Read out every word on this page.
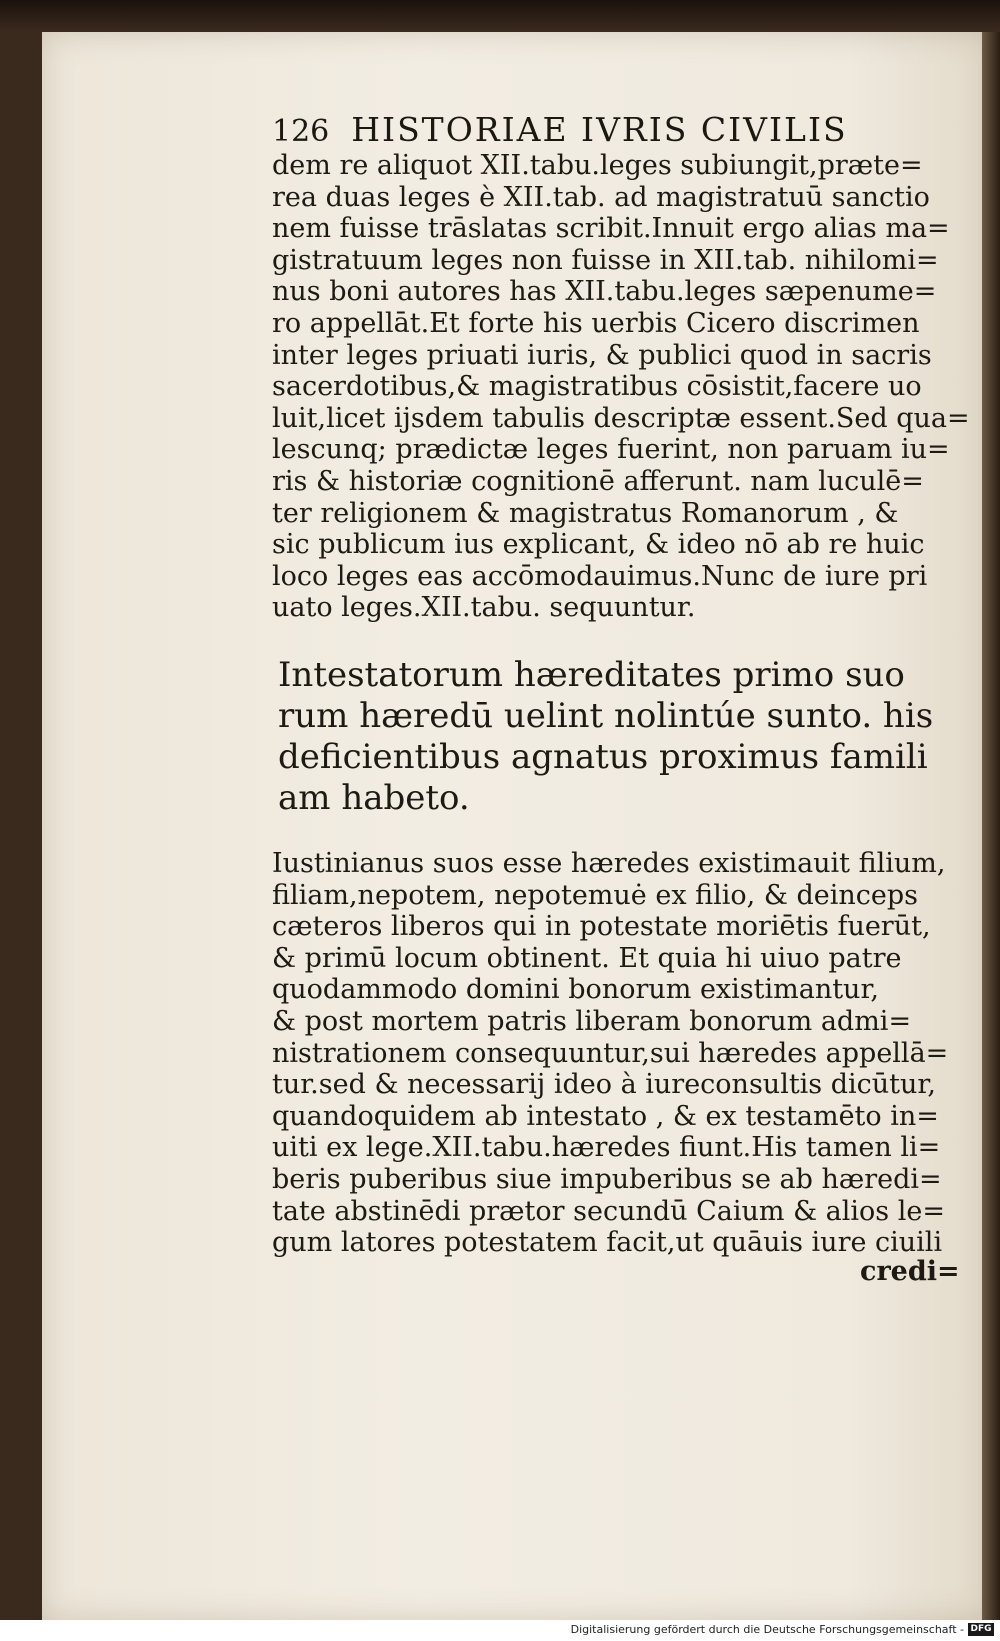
126 HISTORIAE IVRIS CIVILIS
dem re aliquot XII.tabu.leges subiungit,præte=
rea duas leges è XII.tab. ad magistratuū sanctio
nem fuisse trāslatas scribit.Innuit ergo alias ma=
gistratuum leges non fuisse in XII.tab. nihilomi=
nus boni autores has XII.tabu.leges sæpenume=
ro appellāt.Et forte his uerbis Cicero discrimen
inter leges priuati iuris, & publici quod in sacris
sacerdotibus,& magistratibus cōsistit,facere uo
luit,licet ijsdem tabulis descriptæ essent.Sed qua=
lescunq; prædictæ leges fuerint, non paruam iu=
ris & historiæ cognitionē afferunt. nam luculē=
ter religionem & magistratus Romanorum , &
sic publicum ius explicant, & ideo nō ab re huic
loco leges eas accōmodauimus.Nunc de iure pri
uato leges.XII.tabu. sequuntur.
Intestatorum hæreditates primo suo
rum hæredū uelint nolintúe sunto. his
deficientibus agnatus proximus famili
am habeto.
Iustinianus suos esse hæredes existimauit filium,
filiam,nepotem, nepotemuė ex filio, & deinceps
cæteros liberos qui in potestate moriētis fuerūt,
& primū locum obtinent. Et quia hi uiuo patre
quodammodo domini bonorum existimantur,
& post mortem patris liberam bonorum admi=
nistrationem consequuntur,sui hæredes appellā=
tur.sed & necessarij ideo à iureconsultis dicūtur,
quandoquidem ab intestato , & ex testamēto in=
uiti ex lege.XII.tabu.hæredes fiunt.His tamen li=
beris puberibus siue impuberibus se ab hæredi=
tate abstinēdi prætor secundū Caium & alios le=
gum latores potestatem facit,ut quāuis iure ciuili
credi=
Digitalisierung gefördert durch die Deutsche Forschungsgemeinschaft - DFG
